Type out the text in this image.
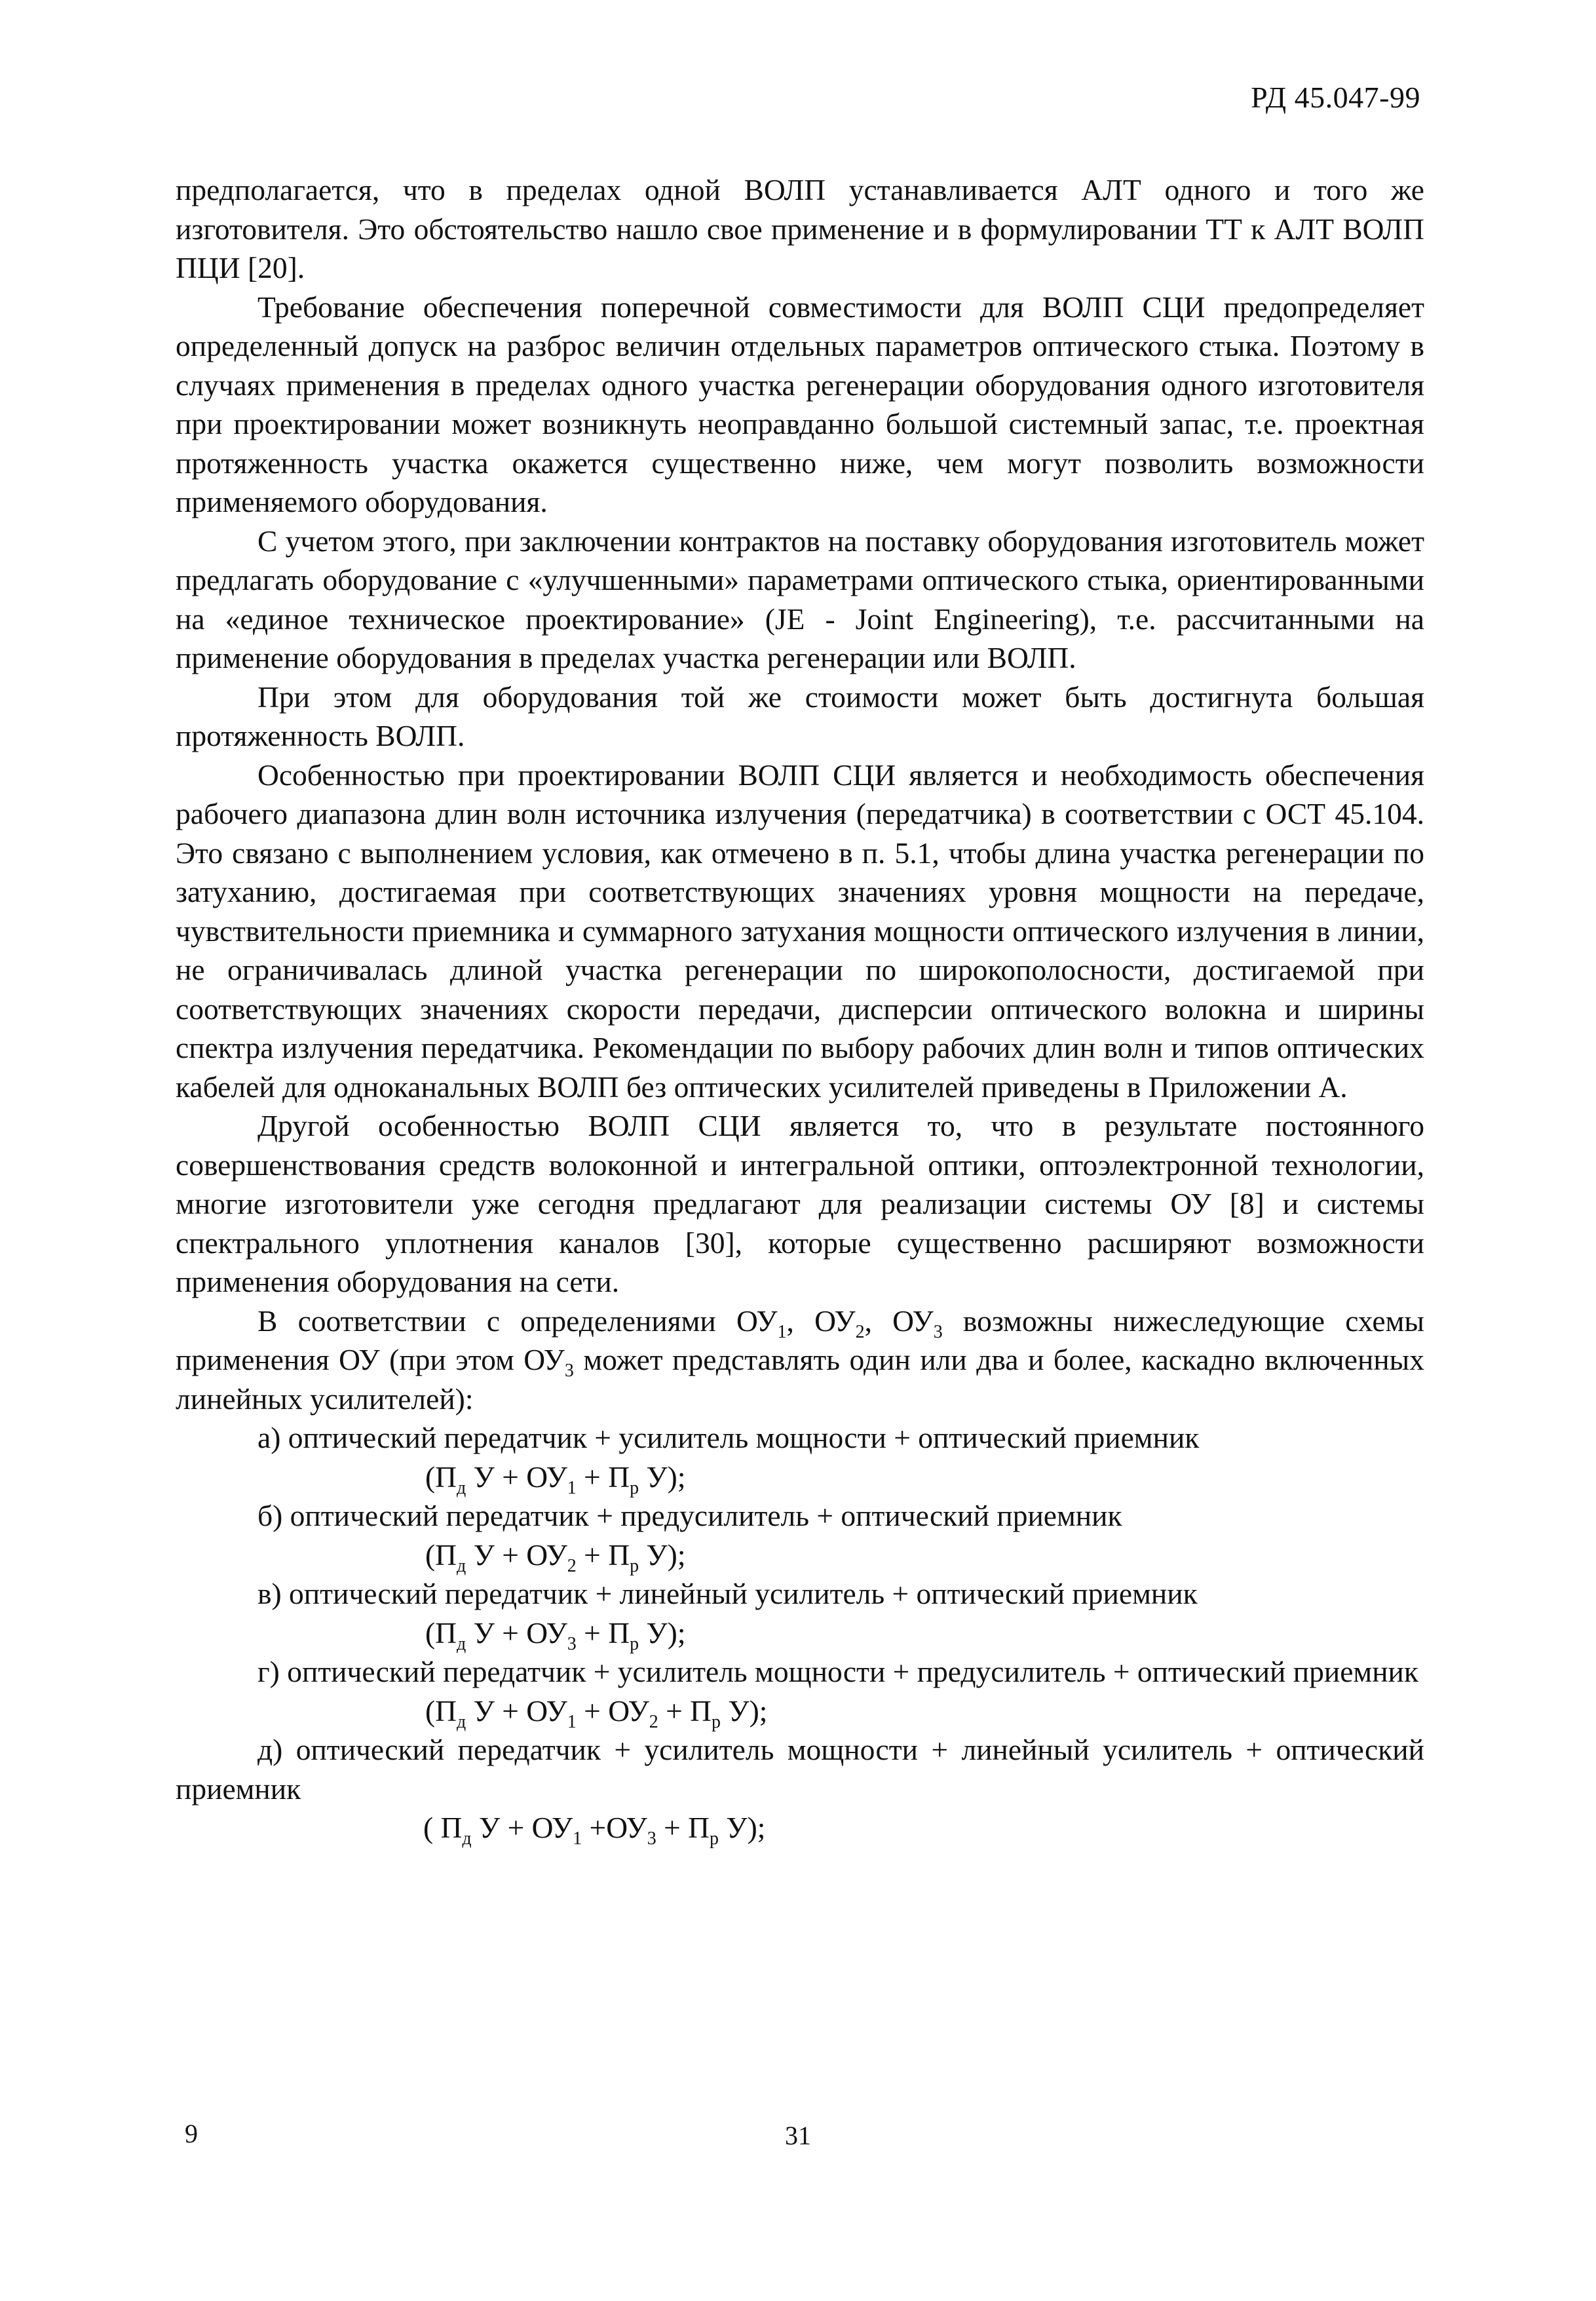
РД 45.047-99

предполагается, что в пределах одной ВОЛП устанавливается АЛТ одного и того же изготовителя. Это обстоятельство нашло свое применение и в формулировании ТТ к АЛТ ВОЛП ПЦИ [20].

Требование обеспечения поперечной совместимости для ВОЛП СЦИ предопределяет определенный допуск на разброс величин отдельных параметров оптического стыка. Поэтому в случаях применения в пределах одного участка регенерации оборудования одного изготовителя при проектировании может возникнуть неоправданно большой системный запас, т.е. проектная протяженность участка окажется существенно ниже, чем могут позволить возможности применяемого оборудования.

С учетом этого, при заключении контрактов на поставку оборудования изготовитель может предлагать оборудование с «улучшенными» параметрами оптического стыка, ориентированными на «единое техническое проектирование» (JE - Joint Engineering), т.е. рассчитанными на применение оборудования в пределах участка регенерации или ВОЛП.

При этом для оборудования той же стоимости может быть достигнута большая протяженность ВОЛП.

Особенностью при проектировании ВОЛП СЦИ является и необходимость обеспечения рабочего диапазона длин волн источника излучения (передатчика) в соответствии с ОСТ 45.104. Это связано с выполнением условия, как отмечено в п. 5.1, чтобы длина участка регенерации по затуханию, достигаемая при соответствующих значениях уровня мощности на передаче, чувствительности приемника и суммарного затухания мощности оптического излучения в линии, не ограничивалась длиной участка регенерации по широкополосности, достигаемой при соответствующих значениях скорости передачи, дисперсии оптического волокна и ширины спектра излучения передатчика. Рекомендации по выбору рабочих длин волн и типов оптических кабелей для одноканальных ВОЛП без оптических усилителей приведены в Приложении А.

Другой особенностью ВОЛП СЦИ является то, что в результате постоянного совершенствования средств волоконной и интегральной оптики, оптоэлектронной технологии, многие изготовители уже сегодня предлагают для реализации системы ОУ [8] и системы спектрального уплотнения каналов [30], которые существенно расширяют возможности применения оборудования на сети.

В соответствии с определениями $ОУ_1$, $ОУ_2$, $ОУ_3$ возможны нижеследующие схемы применения ОУ (при этом $ОУ_3$ может представлять один или два и более, каскадно включенных линейных усилителей):

а) оптический передатчик + усилитель мощности + оптический приемник

($П_д$ $У + ОУ_1 + П_р$ У);

б) оптический передатчик + предусилитель + оптический приемник

($П_д$ $У + ОУ_2 + П_р$ У);

в) оптический передатчик + линейный усилитель + оптический приемник

($П_д$ $У + ОУ_3 + П_р$ У);

г) оптический передатчик + усилитель мощности + предусилитель + оптический приемник

($П_д$ $У + ОУ_1 + ОУ_2 + П_р$ У);

д) оптический передатчик + усилитель мощности + линейный усилитель + оптический приемник

( $П_д$ $У + ОУ_1 +ОУ_3 + П_р$ У);

9	31
